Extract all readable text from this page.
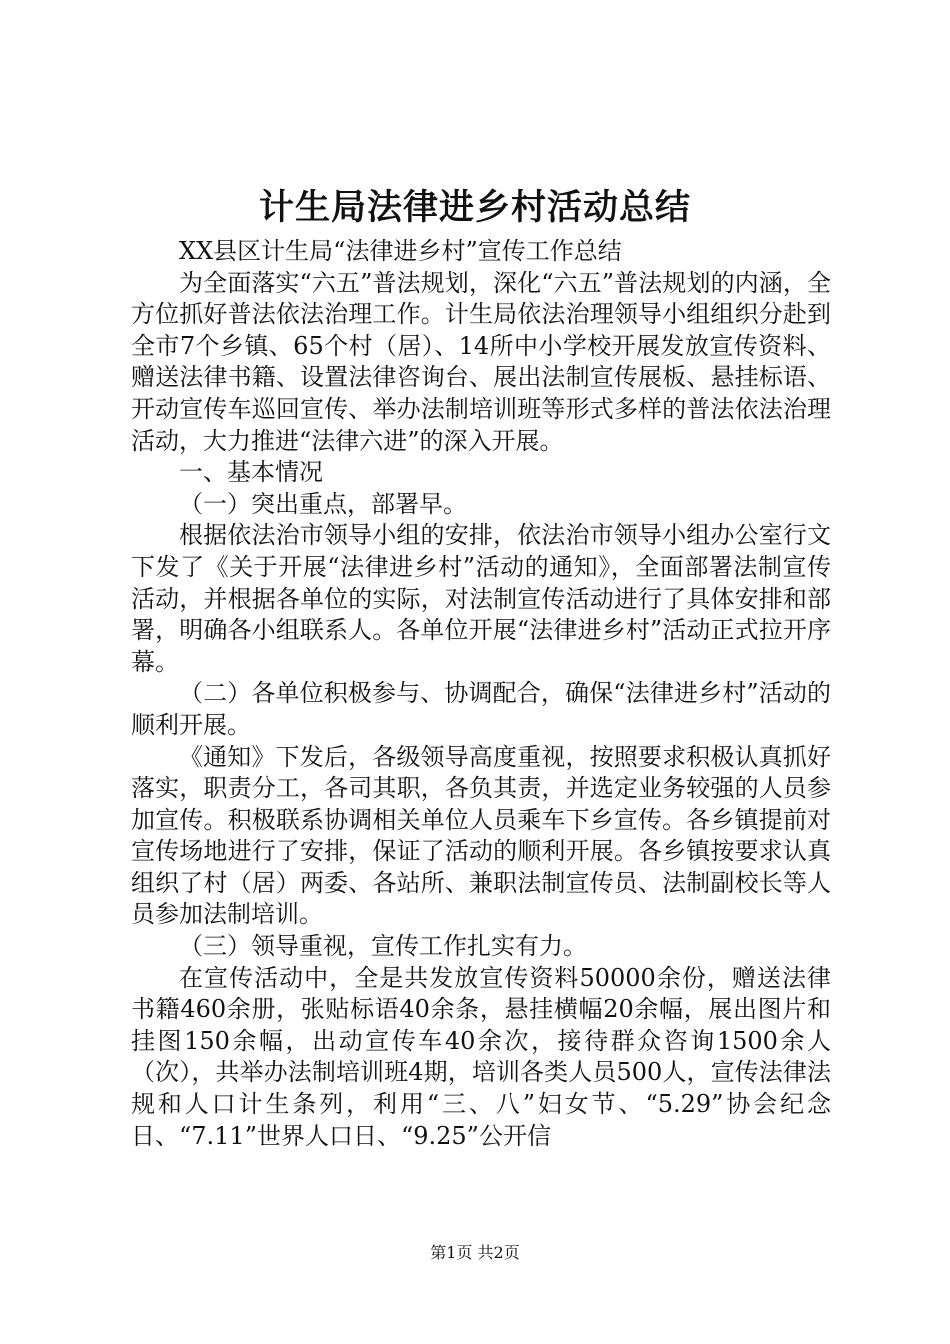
计生局法律进乡村活动总结

XX县区计生局“法律进乡村”宣传工作总结

为全面落实“六五”普法规划，深化“六五”普法规划的内涵，全方位抓好普法依法治理工作。计生局依法治理领导小组组织分赴到全市7个乡镇、65个村（居）、14所中小学校开展发放宣传资料、赠送法律书籍、设置法律咨询台、展出法制宣传展板、悬挂标语、开动宣传车巡回宣传、举办法制培训班等形式多样的普法依法治理活动，大力推进“法律六进”的深入开展。

一、基本情况

（一）突出重点，部署早。

根据依法治市领导小组的安排，依法治市领导小组办公室行文下发了《关于开展“法律进乡村”活动的通知》，全面部署法制宣传活动，并根据各单位的实际，对法制宣传活动进行了具体安排和部署，明确各小组联系人。各单位开展“法律进乡村”活动正式拉开序幕。

（二）各单位积极参与、协调配合，确保“法律进乡村”活动的顺利开展。

《通知》下发后，各级领导高度重视，按照要求积极认真抓好落实，职责分工，各司其职，各负其责，并选定业务较强的人员参加宣传。积极联系协调相关单位人员乘车下乡宣传。各乡镇提前对宣传场地进行了安排，保证了活动的顺利开展。各乡镇按要求认真组织了村（居）两委、各站所、兼职法制宣传员、法制副校长等人员参加法制培训。

（三）领导重视，宣传工作扎实有力。

在宣传活动中，全是共发放宣传资料50000余份，赠送法律书籍460余册，张贴标语40余条，悬挂横幅20余幅，展出图片和挂图150余幅，出动宣传车40余次，接待群众咨询1500余人（次），共举办法制培训班4期，培训各类人员500人，宣传法律法规和人口计生条列，利用“三、八”妇女节、“5.29”协会纪念日、“7.11”世界人口日、“9.25”公开信

第1页 共2页
